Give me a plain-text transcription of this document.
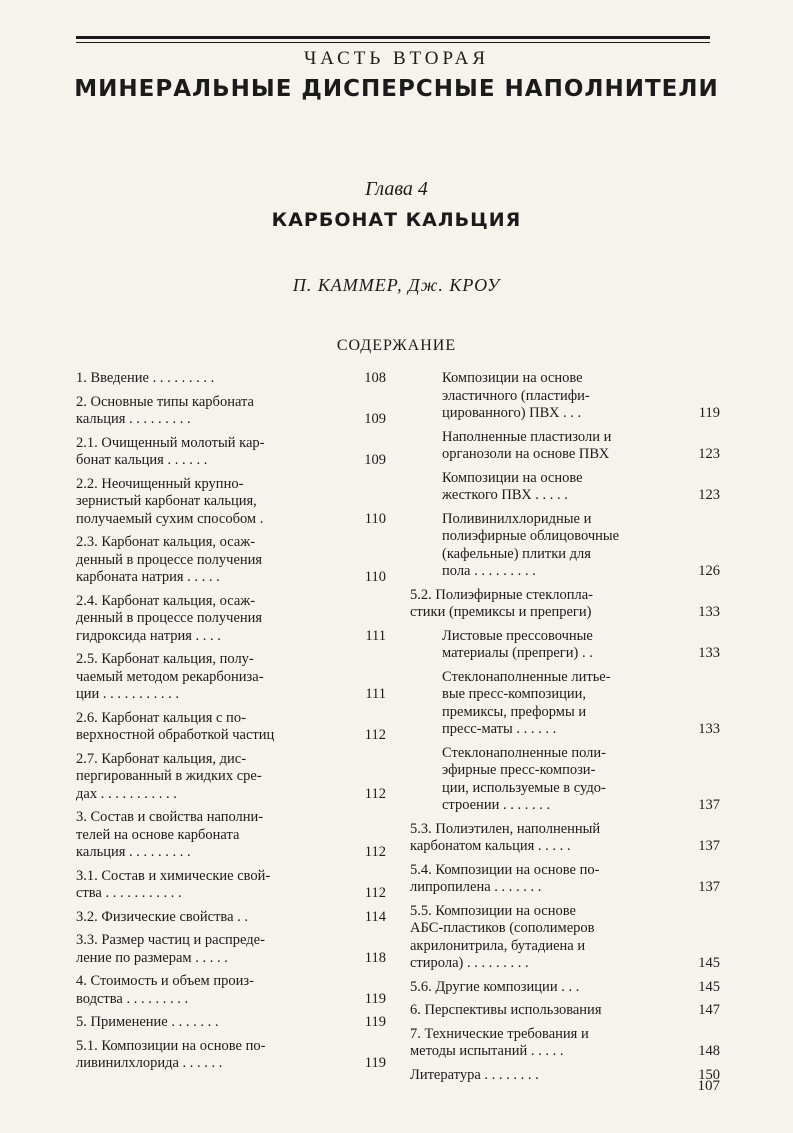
ЧАСТЬ ВТОРАЯ
МИНЕРАЛЬНЫЕ ДИСПЕРСНЫЕ НАПОЛНИТЕЛИ
Глава 4
КАРБОНАТ КАЛЬЦИЯ
П. КАММЕР, Дж. КРОУ
СОДЕРЖАНИЕ
1. Введение . . . . . . . . .	108
2. Основные типы карбоната
кальция . . . . . . . . .	109
2.1. Очищенный молотый кар-
бонат кальция . . . . . .	109
2.2. Неочищенный крупно-
зернистый карбонат кальция,
получаемый сухим способом .	110
2.3. Карбонат кальция, осаж-
денный в процессе получения
карбоната натрия . . . . .	110
2.4. Карбонат кальция, осаж-
денный в процессе получения
гидроксида натрия . . . .	111
2.5. Карбонат кальция, полу-
чаемый методом рекарбониза-
ции . . . . . . . . . . .	111
2.6. Карбонат кальция с по-
верхностной обработкой частиц	112
2.7. Карбонат кальция, дис-
пергированный в жидких сре-
дах . . . . . . . . . . .	112
3. Состав и свойства наполни-
телей на основе карбоната
кальция . . . . . . . . .	112
3.1. Состав и химические свой-
ства . . . . . . . . . . .	112
3.2. Физические свойства . .	114
3.3. Размер частиц и распреде-
ление по размерам . . . . .	118
4. Стоимость и объем произ-
водства . . . . . . . . .	119
5. Применение . . . . . . .	119
5.1. Композиции на основе по-
ливинилхлорида . . . . . .	119
Композиции на основе
эластичного (пластифи-
цированного) ПВХ . . .	119
Наполненные пластизоли и
органозоли на основе ПВХ	123
Композиции на основе
жесткого ПВХ . . . . .	123
Поливинилхлоридные и
полиэфирные облицовочные
(кафельные) плитки для
пола . . . . . . . . .	126
5.2. Полиэфирные стеклопла-
стики (премиксы и препреги)	133
Листовые прессовочные
материалы (препреги) . .	133
Стеклонаполненные литье-
вые пресс-композиции,
премиксы, преформы и
пресс-маты . . . . . .	133
Стеклонаполненные поли-
эфирные пресс-компози-
ции, используемые в судо-
строении . . . . . . .	137
5.3. Полиэтилен, наполненный
карбонатом кальция . . . . .	137
5.4. Композиции на основе по-
липропилена . . . . . . .	137
5.5. Композиции на основе
АБС-пластиков (сополимеров
акрилонитрила, бутадиена и
стирола) . . . . . . . . .	145
5.6. Другие композиции . . .	145
6. Перспективы использования	147
7. Технические требования и
методы испытаний . . . . .	148
Литература . . . . . . . .	150
107
